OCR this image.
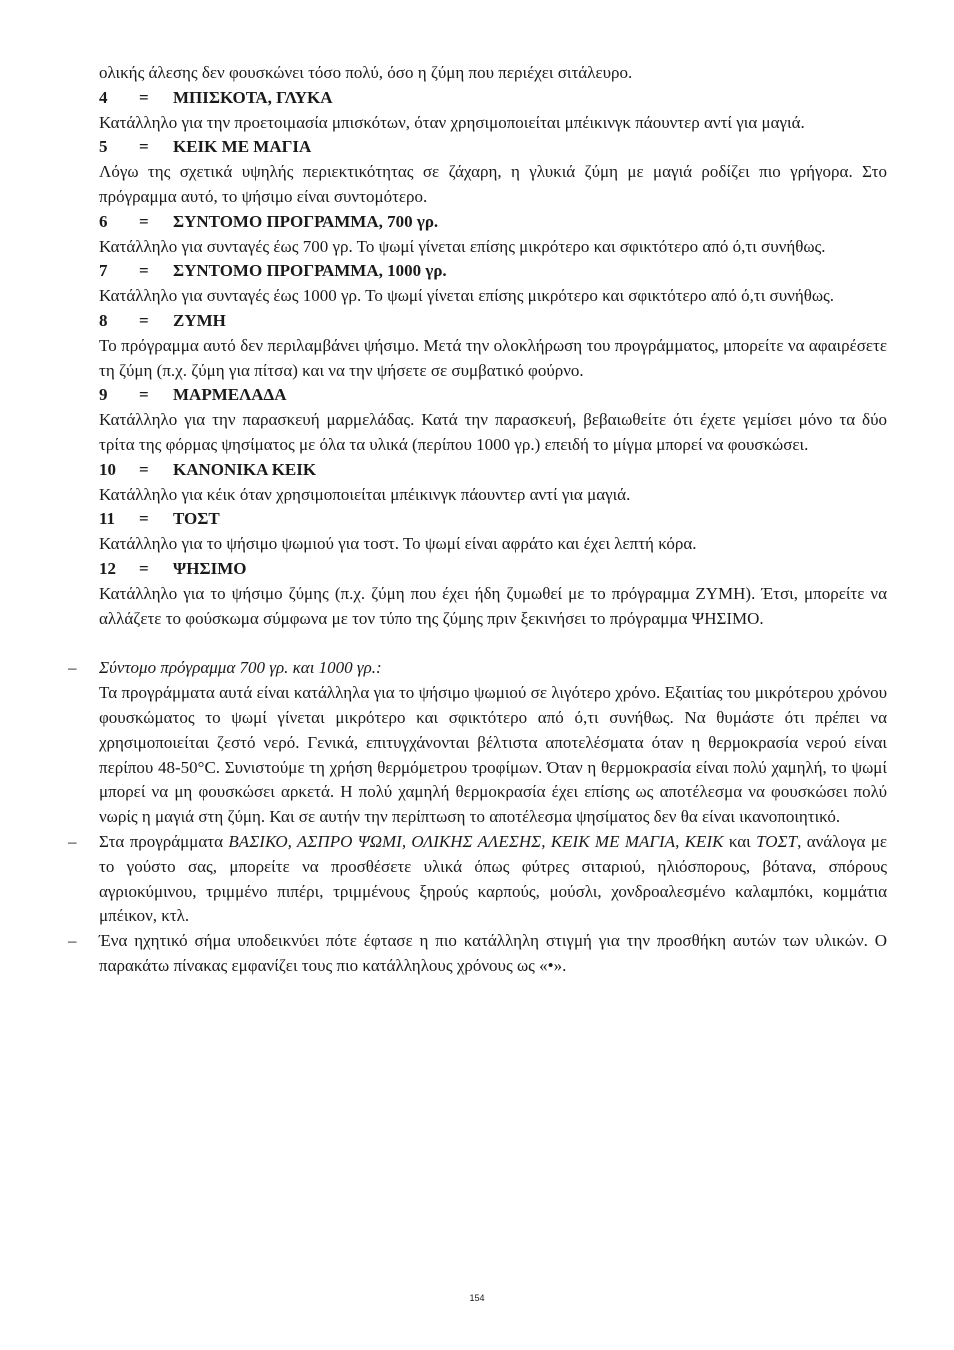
ολικής άλεσης δεν φουσκώνει τόσο πολύ, όσο η ζύμη που περιέχει σιτάλευρο.

4	=	ΜΠΙΣΚΟΤΑ, ΓΛΥΚΑ

Κατάλληλο για την προετοιμασία μπισκότων, όταν χρησιμοποιείται μπέικινγκ πάουντερ αντί για μαγιά.

5	=	ΚΕΙΚ ΜΕ ΜΑΓΙΑ

Λόγω της σχετικά υψηλής περιεκτικότητας σε ζάχαρη, η γλυκιά ζύμη με μαγιά ροδίζει πιο γρήγορα. Στο πρόγραμμα αυτό, το ψήσιμο είναι συντομότερο.

6	=	ΣΥΝΤΟΜΟ ΠΡΟΓΡΑΜΜΑ, 700 γρ.

Κατάλληλο για συνταγές έως 700 γρ. Το ψωμί γίνεται επίσης μικρότερο και σφικτότερο από ό,τι συνήθως.

7	=	ΣΥΝΤΟΜΟ ΠΡΟΓΡΑΜΜΑ, 1000 γρ.

Κατάλληλο για συνταγές έως 1000 γρ. Το ψωμί γίνεται επίσης μικρότερο και σφικτότερο από ό,τι συνήθως.

8	=	ΖΥΜΗ

Το πρόγραμμα αυτό δεν περιλαμβάνει ψήσιμο. Μετά την ολοκλήρωση του προγράμματος, μπορείτε να αφαιρέσετε τη ζύμη (π.χ. ζύμη για πίτσα) και να την ψήσετε σε συμβατικό φούρνο.

9	=	ΜΑΡΜΕΛΑΔΑ

Κατάλληλο για την παρασκευή μαρμελάδας. Κατά την παρασκευή, βεβαιωθείτε ότι έχετε γεμίσει μόνο τα δύο τρίτα της φόρμας ψησίματος με όλα τα υλικά (περίπου 1000 γρ.) επειδή το μίγμα μπορεί να φουσκώσει.

10	=	ΚΑΝΟΝΙΚΑ ΚΕΙΚ

Κατάλληλο για κέικ όταν χρησιμοποιείται μπέικινγκ πάουντερ αντί για μαγιά.

11	=	ΤΟΣΤ

Κατάλληλο για το ψήσιμο ψωμιού για τοστ. Το ψωμί είναι αφράτο και έχει λεπτή κόρα.

12	=	ΨΗΣΙΜΟ

Κατάλληλο για το ψήσιμο ζύμης (π.χ. ζύμη που έχει ήδη ζυμωθεί με το πρόγραμμα ΖΥΜΗ). Έτσι, μπορείτε να αλλάζετε το φούσκωμα σύμφωνα με τον τύπο της ζύμης πριν ξεκινήσει το πρόγραμμα ΨΗΣΙΜΟ.

– Σύντομο πρόγραμμα 700 γρ. και 1000 γρ.:

Τα προγράμματα αυτά είναι κατάλληλα για το ψήσιμο ψωμιού σε λιγότερο χρόνο. Εξαιτίας του μικρότερου χρόνου φουσκώματος το ψωμί γίνεται μικρότερο και σφικτότερο από ό,τι συνήθως. Να θυμάστε ότι πρέπει να χρησιμοποιείται ζεστό νερό. Γενικά, επιτυγχάνονται βέλτιστα αποτελέσματα όταν η θερμοκρασία νερού είναι περίπου 48-50°C. Συνιστούμε τη χρήση θερμόμετρου τροφίμων. Όταν η θερμοκρασία είναι πολύ χαμηλή, το ψωμί μπορεί να μη φουσκώσει αρκετά. Η πολύ χαμηλή θερμοκρασία έχει επίσης ως αποτέλεσμα να φουσκώσει πολύ νωρίς η μαγιά στη ζύμη. Και σε αυτήν την περίπτωση το αποτέλεσμα ψησίματος δεν θα είναι ικανοποιητικό.

– Στα προγράμματα ΒΑΣΙΚΟ, ΑΣΠΡΟ ΨΩΜΙ, ΟΛΙΚΗΣ ΑΛΕΣΗΣ, ΚΕΙΚ ΜΕ ΜΑΓΙΑ, ΚΕΙΚ και ΤΟΣΤ, ανάλογα με το γούστο σας, μπορείτε να προσθέσετε υλικά όπως φύτρες σιταριού, ηλιόσπορους, βότανα, σπόρους αγριοκύμινου, τριμμένο πιπέρι, τριμμένους ξηρούς καρπούς, μούσλι, χονδροαλεσμένο καλαμπόκι, κομμάτια μπέικον, κτλ.

– Ένα ηχητικό σήμα υποδεικνύει πότε έφτασε η πιο κατάλληλη στιγμή για την προσθήκη αυτών των υλικών. Ο παρακάτω πίνακας εμφανίζει τους πιο κατάλληλους χρόνους ως «•».

154
